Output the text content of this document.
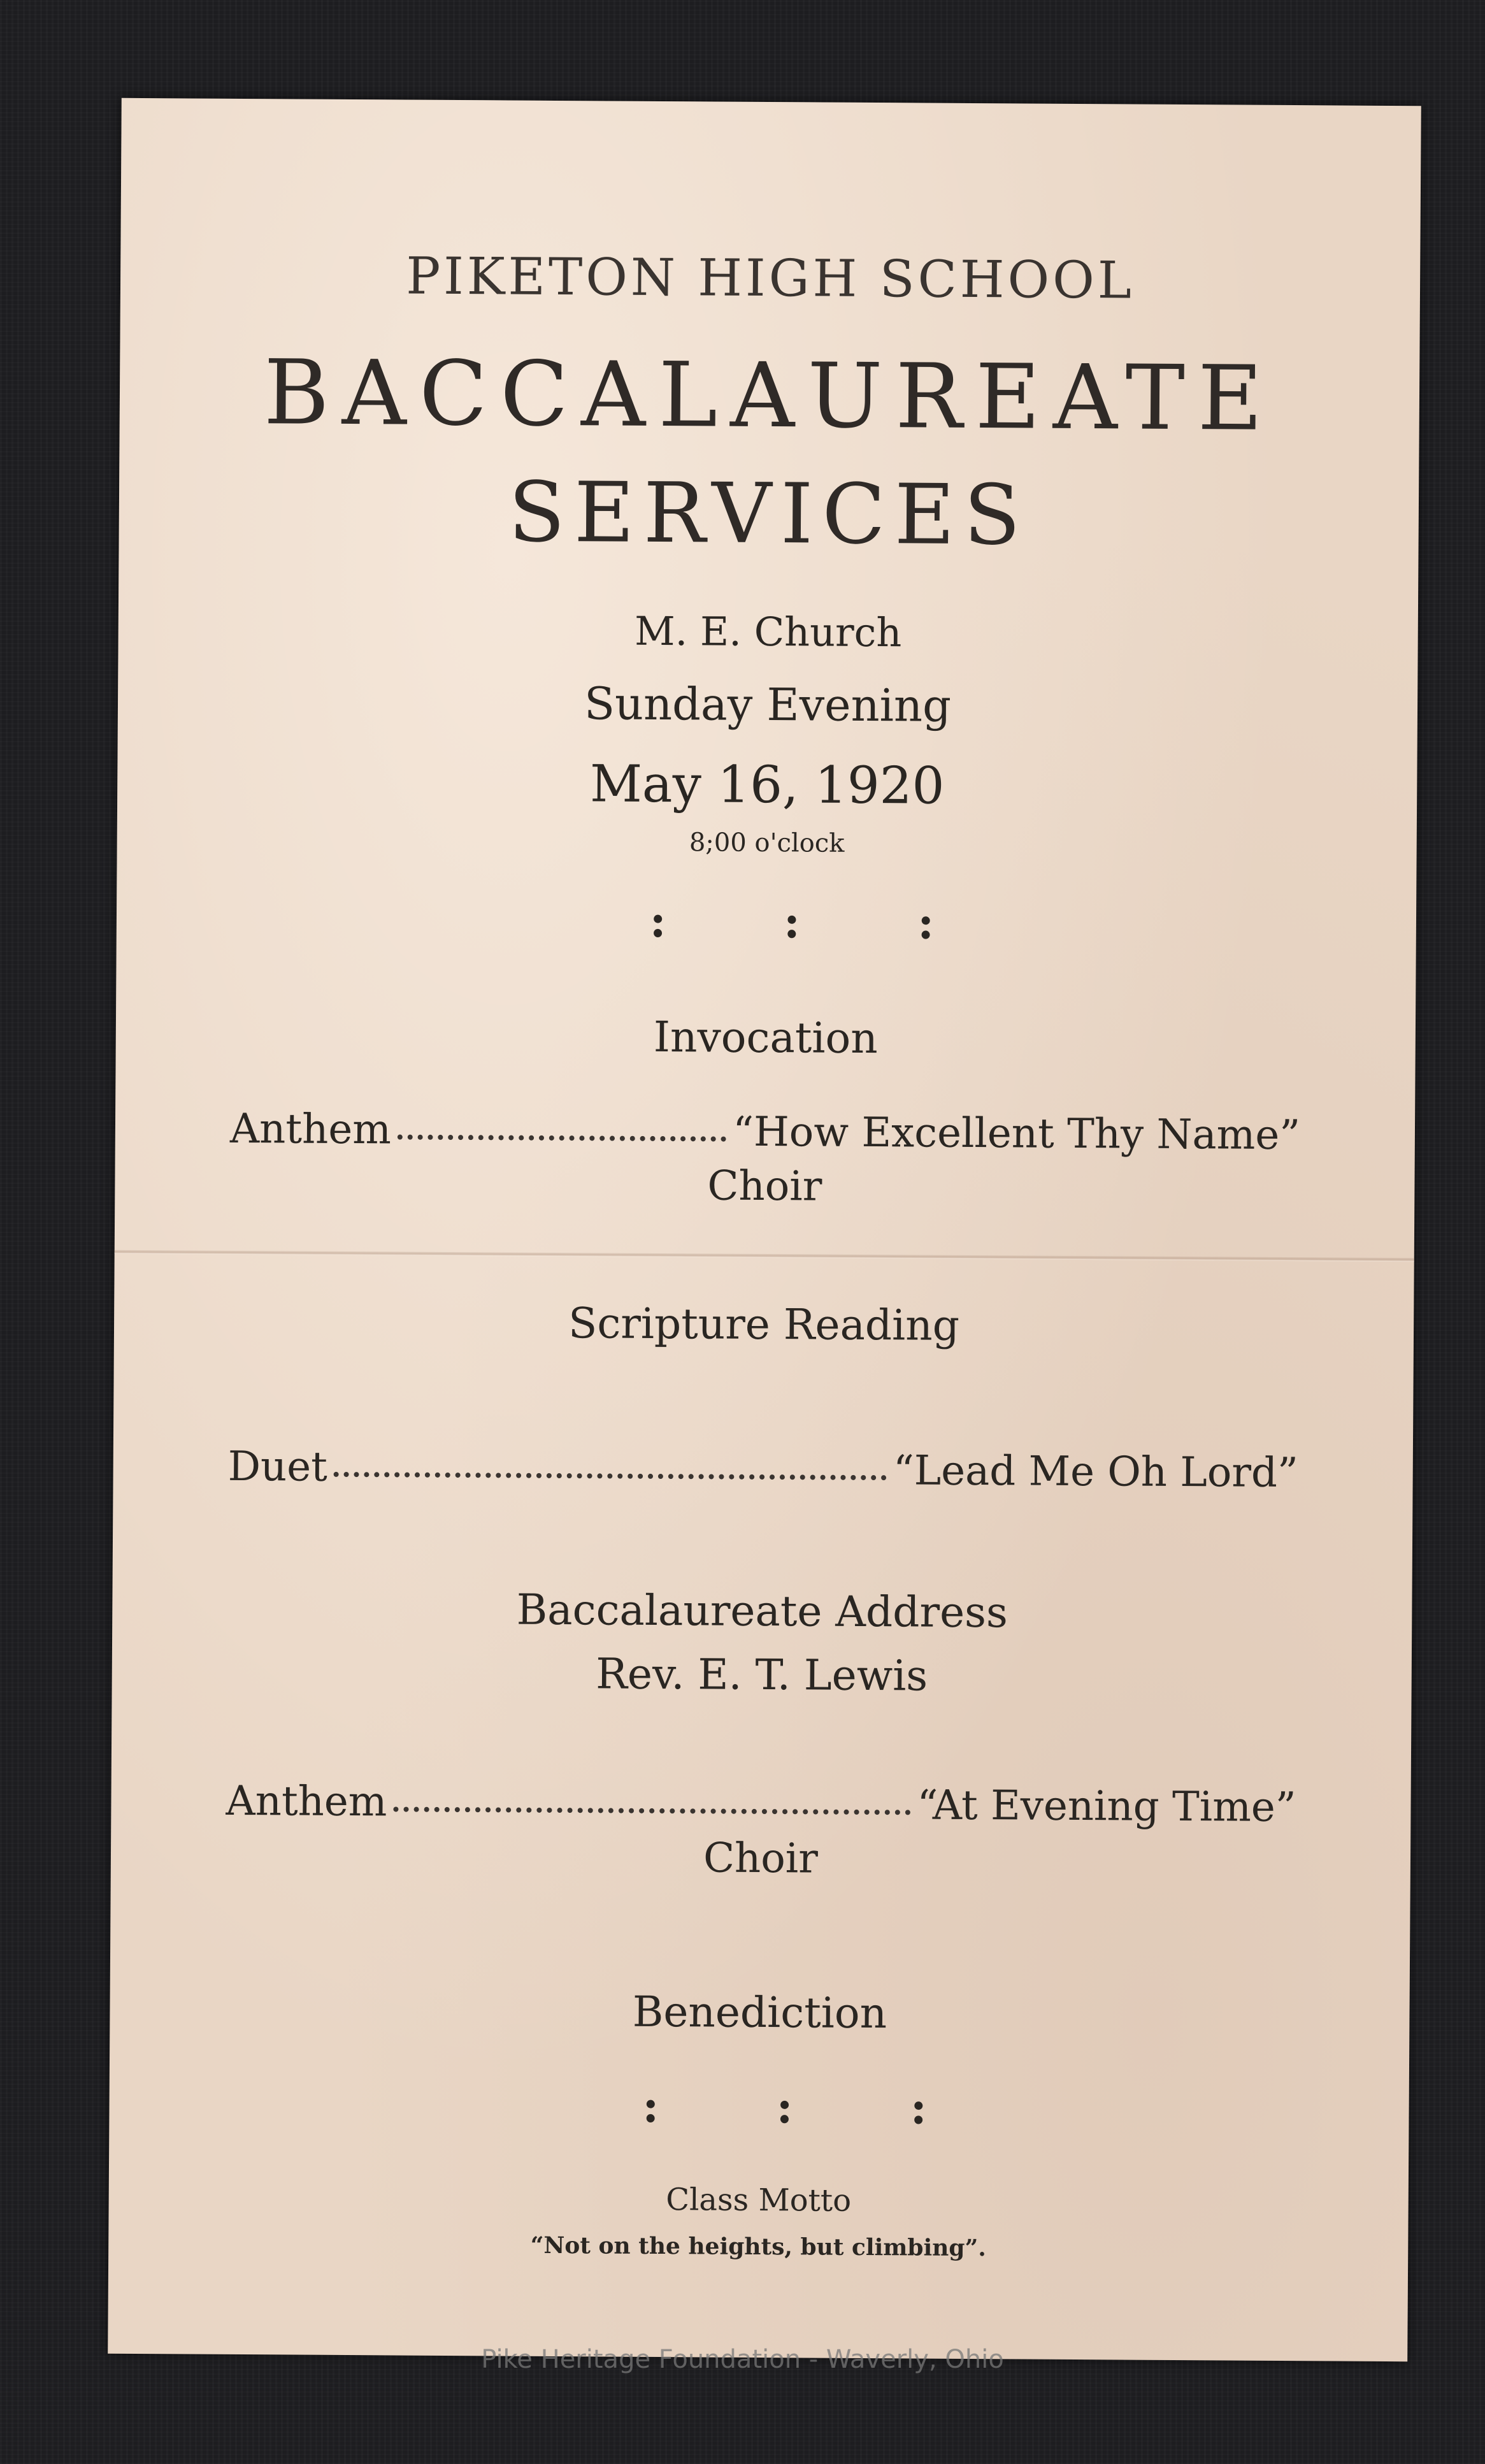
PIKETON HIGH SCHOOL
BACCALAUREATE
SERVICES
M. E. Church
Sunday Evening
May 16, 1920
8;00 o'clock
: : :
Invocation
Anthem	“How Excellent Thy Name”
Choir
Scripture Reading
Duet	“Lead Me Oh Lord”
Baccalaureate Address
Rev. E. T. Lewis
Anthem	“At Evening Time”
Choir
Benediction
: : :
Class Motto
“Not on the heights, but climbing”.
Pike Heritage Foundation - Waverly, Ohio
